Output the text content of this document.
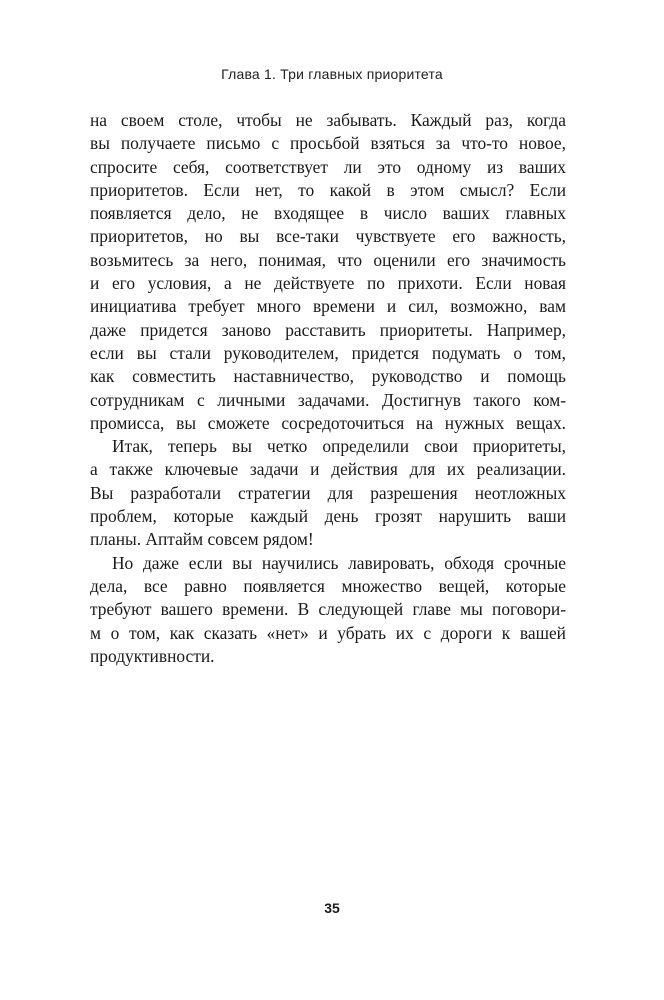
Глава 1. Три главных приоритета

на своем столе, чтобы не забывать. Каждый раз, когда
вы получаете письмо с просьбой взяться за что-то новое,
спросите себя, соответствует ли это одному из ваших
приоритетов. Если нет, то какой в этом смысл? Если
появляется дело, не входящее в число ваших главных
приоритетов, но вы все-таки чувствуете его важность,
возьмитесь за него, понимая, что оценили его значимость
и его условия, а не действуете по прихоти. Если новая
инициатива требует много времени и сил, возможно, вам
даже придется заново расставить приоритеты. Например,
если вы стали руководителем, придется подумать о том,
как совместить наставничество, руководство и помощь
сотрудникам с личными задачами. Достигнув такого ком-
промисса, вы сможете сосредоточиться на нужных вещах.

Итак, теперь вы четко определили свои приоритеты,
а также ключевые задачи и действия для их реализации.
Вы разработали стратегии для разрешения неотложных
проблем, которые каждый день грозят нарушить ваши
планы. Аптайм совсем рядом!

Но даже если вы научились лавировать, обходя срочные
дела, все равно появляется множество вещей, которые
требуют вашего времени. В следующей главе мы поговори-
м о том, как сказать «нет» и убрать их с дороги к вашей
продуктивности.

35
